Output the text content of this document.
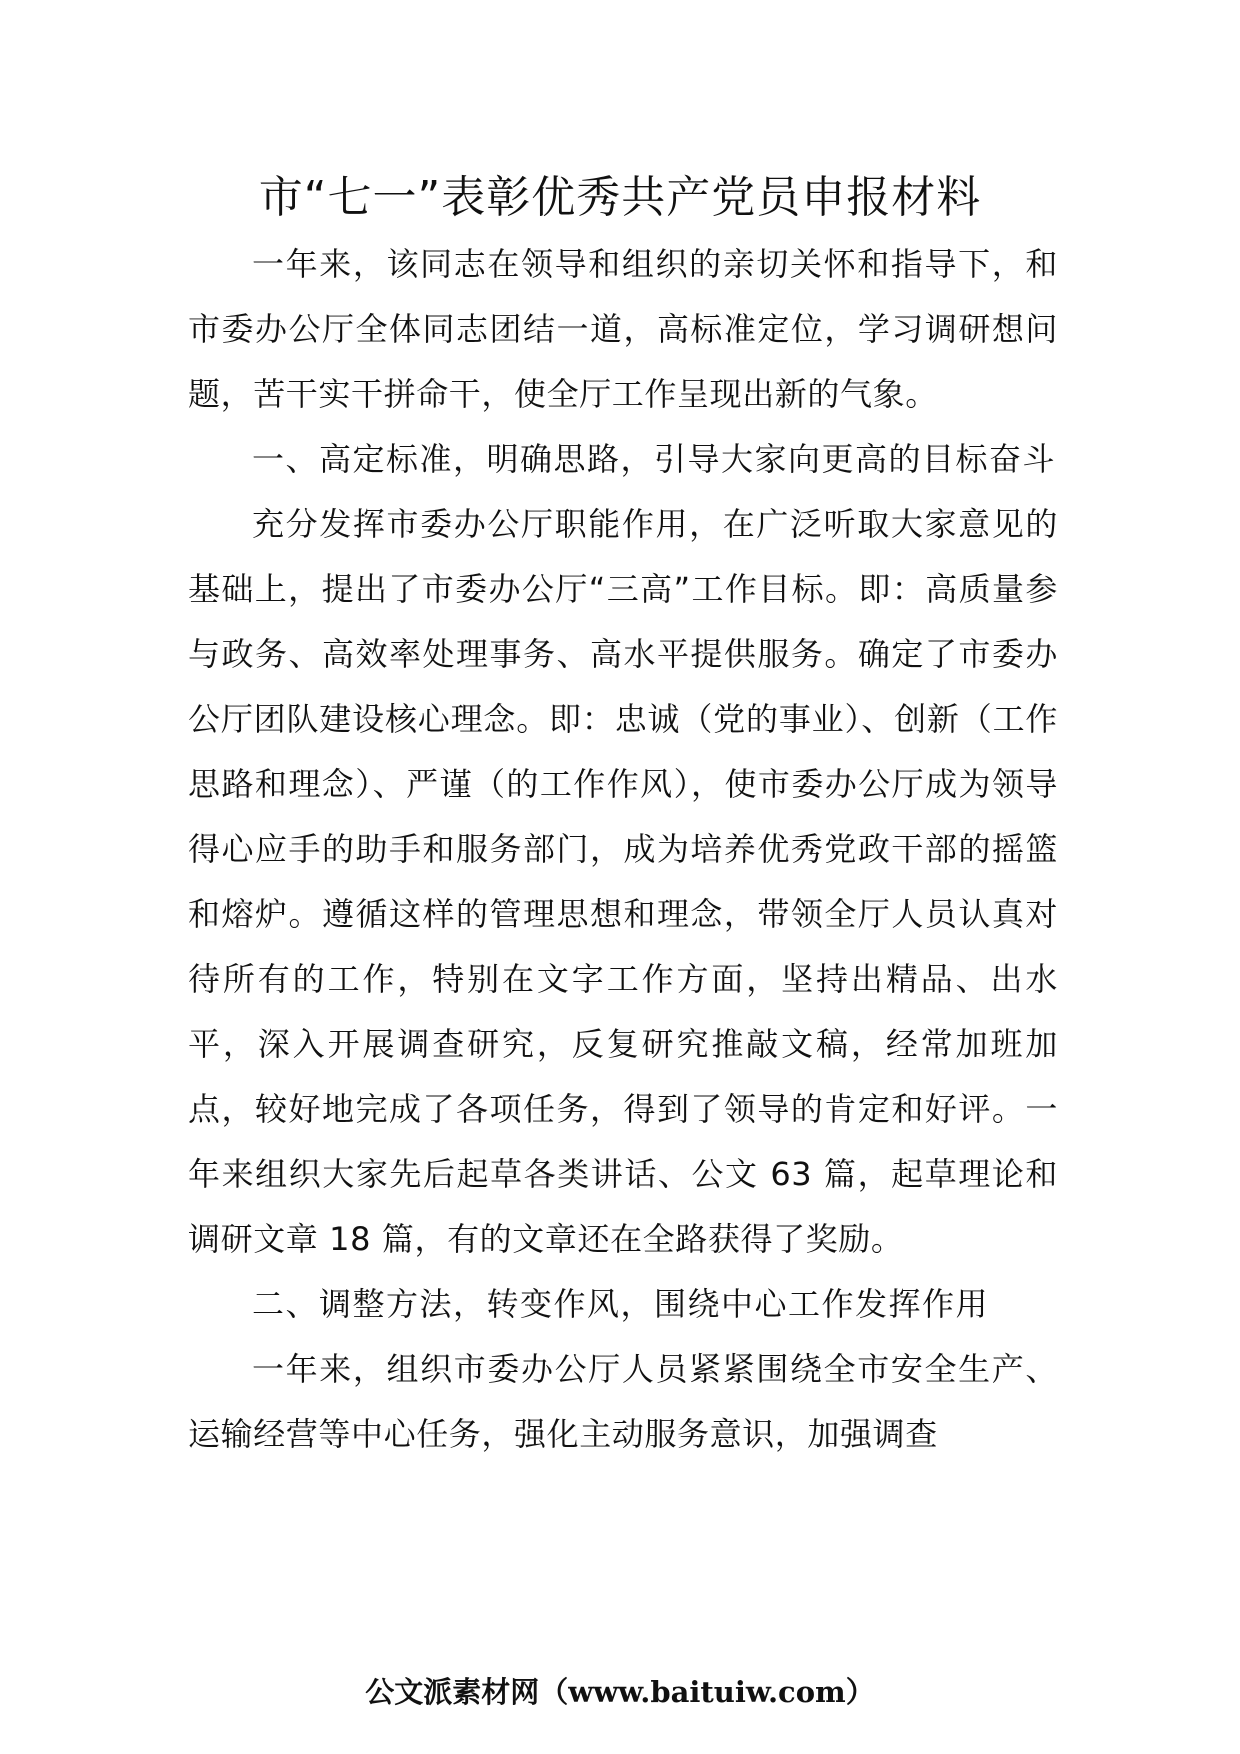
市“七一”表彰优秀共产党员申报材料

一年来，该同志在领导和组织的亲切关怀和指导下，和市委办公厅全体同志团结一道，高标准定位，学习调研想问题，苦干实干拼命干，使全厅工作呈现出新的气象。

一、高定标准，明确思路，引导大家向更高的目标奋斗

充分发挥市委办公厅职能作用，在广泛听取大家意见的基础上，提出了市委办公厅“三高”工作目标。即：高质量参与政务、高效率处理事务、高水平提供服务。确定了市委办公厅团队建设核心理念。即：忠诚（党的事业）、创新（工作思路和理念）、严谨（的工作作风），使市委办公厅成为领导得心应手的助手和服务部门，成为培养优秀党政干部的摇篮和熔炉。遵循这样的管理思想和理念，带领全厅人员认真对待所有的工作，特别在文字工作方面，坚持出精品、出水平，深入开展调查研究，反复研究推敲文稿，经常加班加点，较好地完成了各项任务，得到了领导的肯定和好评。一年来组织大家先后起草各类讲话、公文 63 篇，起草理论和调研文章 18 篇，有的文章还在全路获得了奖励。

二、调整方法，转变作风，围绕中心工作发挥作用

一年来，组织市委办公厅人员紧紧围绕全市安全生产、运输经营等中心任务，强化主动服务意识，加强调查

公文派素材网（www.baituiw.com）
